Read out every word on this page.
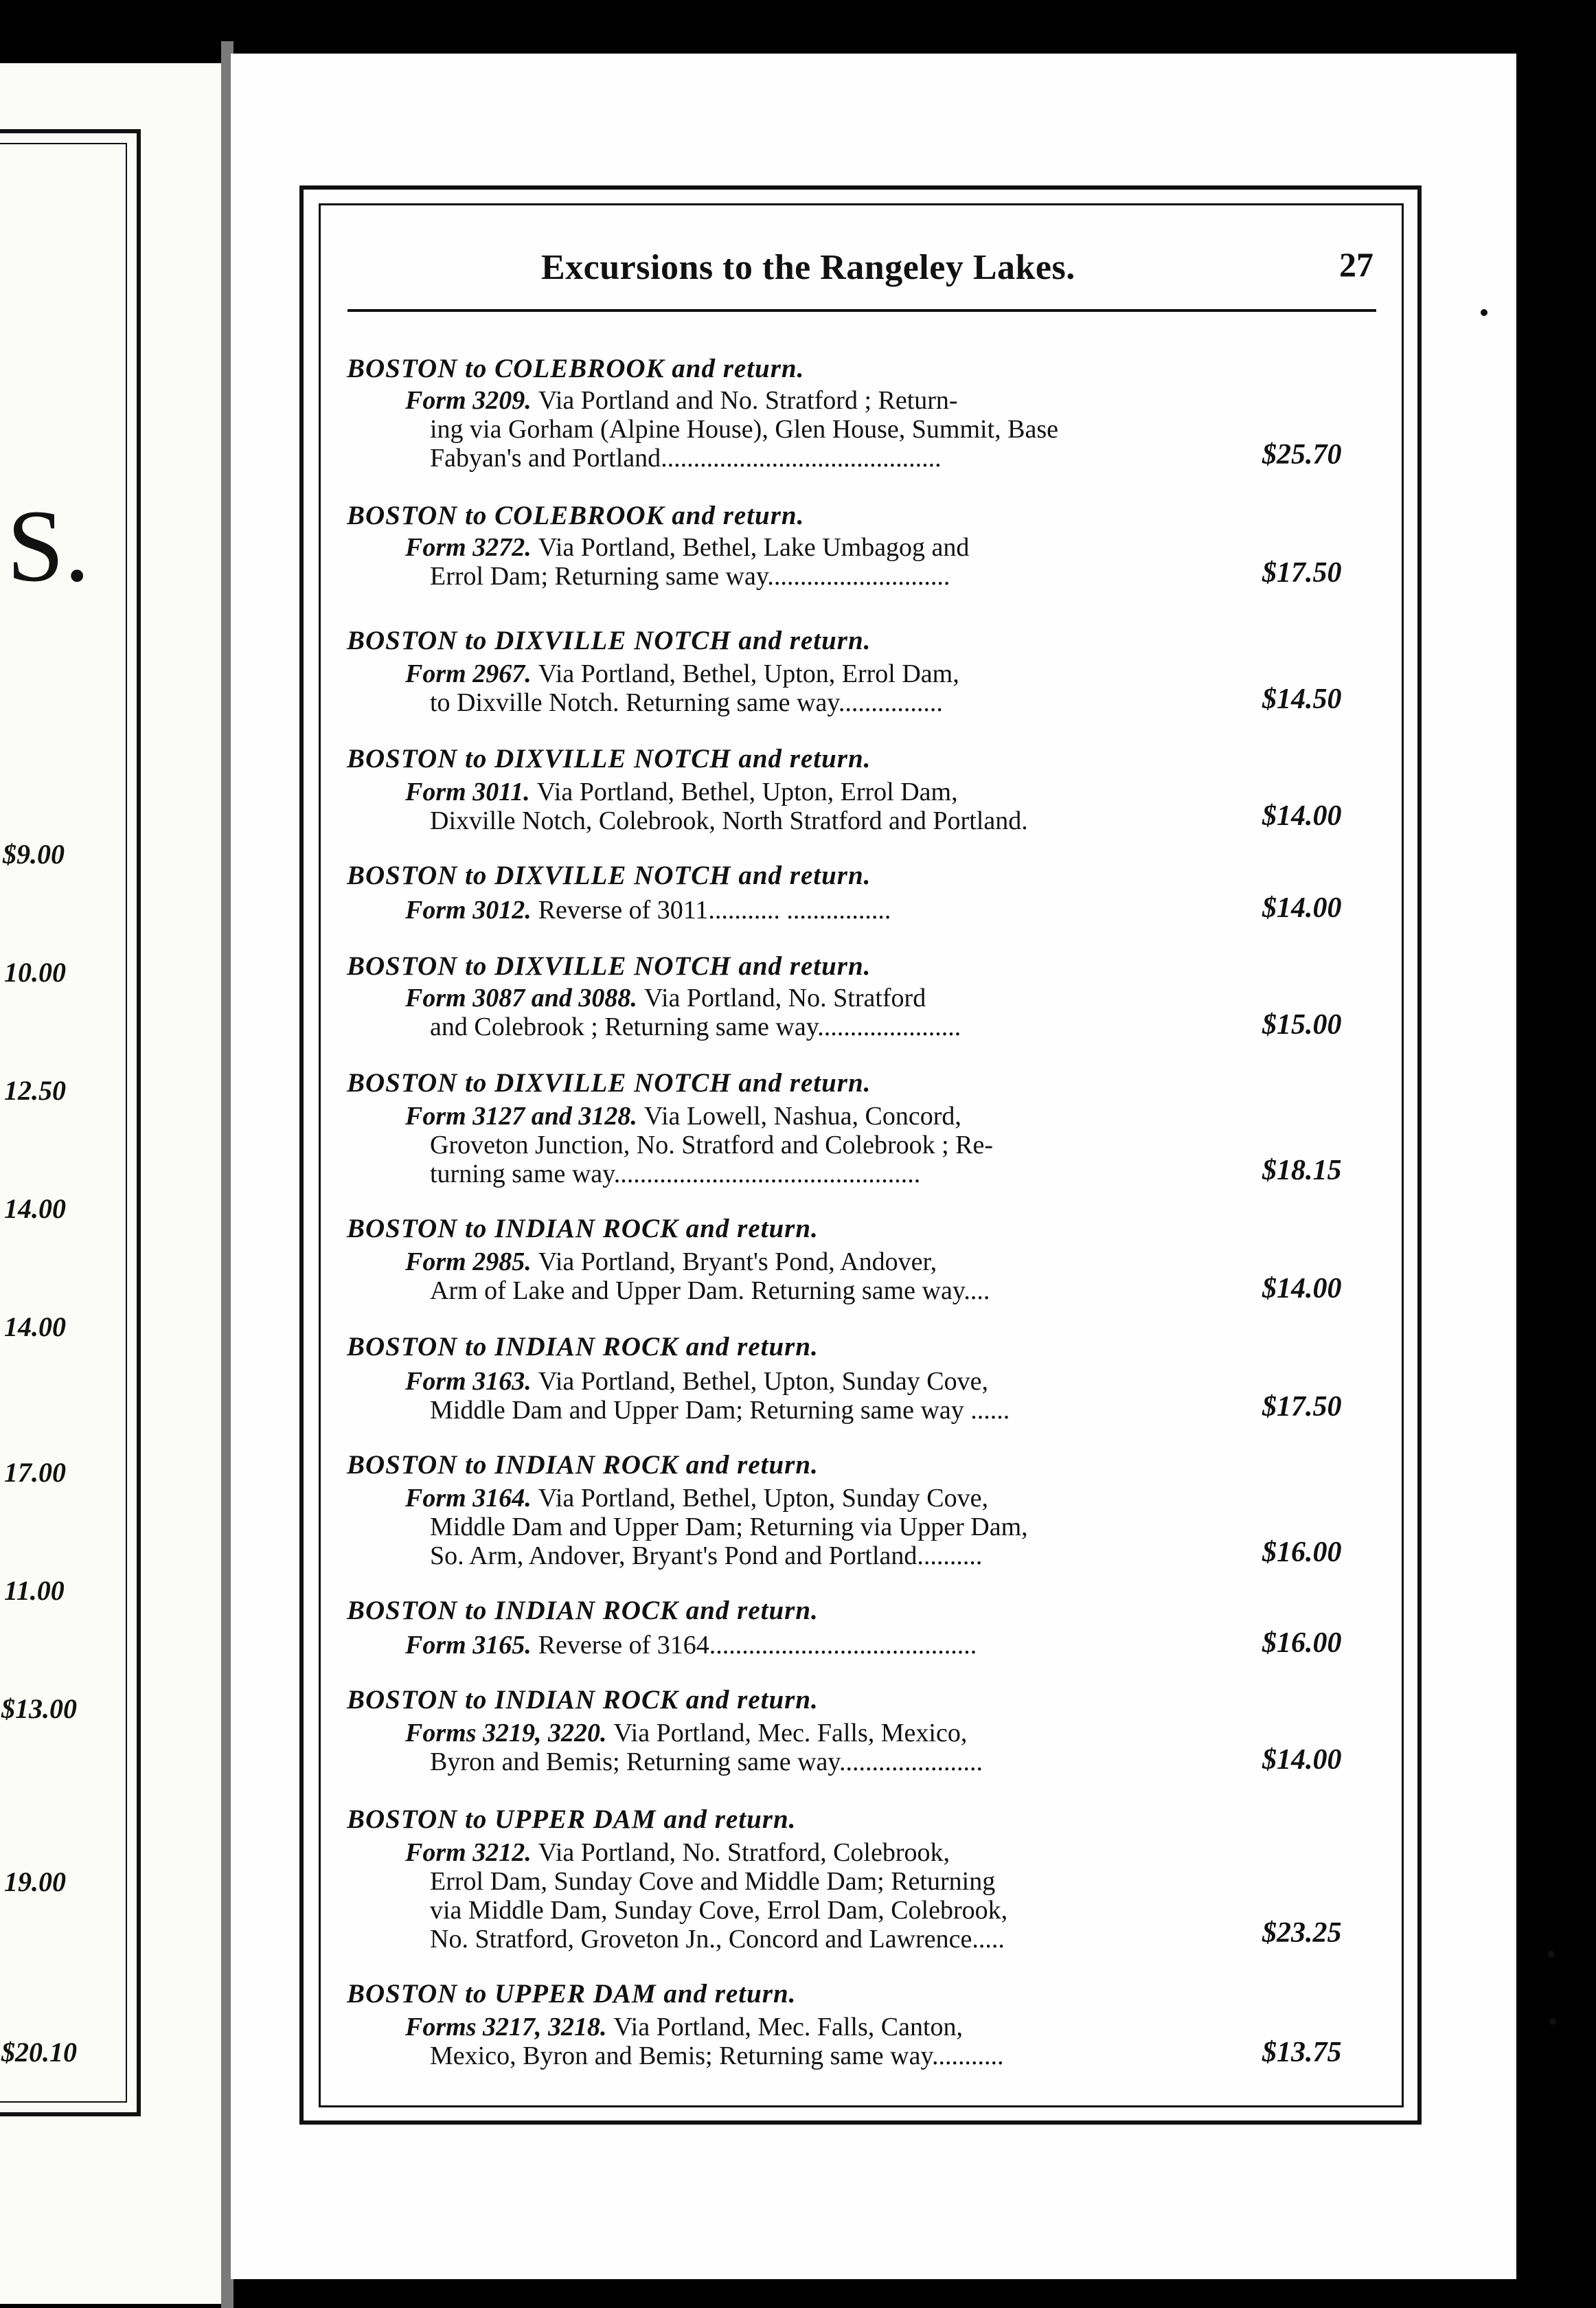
S.
$9.00
10.00
12.50
14.00
14.00
17.00
11.00
$13.00
19.00
$20.10
Excursions to the Rangeley Lakes.	27
BOSTON to COLEBROOK and return.
Form 3209. Via Portland and No. Stratford ; Return-
ing via Gorham (Alpine House), Glen House, Summit, Base
Fabyan's and Portland...........................................	$25.70
BOSTON to COLEBROOK and return.
Form 3272. Via Portland, Bethel, Lake Umbagog and
Errol Dam; Returning same way............................	$17.50
BOSTON to DIXVILLE NOTCH and return.
Form 2967. Via Portland, Bethel, Upton, Errol Dam,
to Dixville Notch. Returning same way................	$14.50
BOSTON to DIXVILLE NOTCH and return.
Form 3011. Via Portland, Bethel, Upton, Errol Dam,
Dixville Notch, Colebrook, North Stratford and Portland.	$14.00
BOSTON to DIXVILLE NOTCH and return.
Form 3012. Reverse of 3011........... ................	$14.00
BOSTON to DIXVILLE NOTCH and return.
Form 3087 and 3088. Via Portland, No. Stratford
and Colebrook ; Returning same way......................	$15.00
BOSTON to DIXVILLE NOTCH and return.
Form 3127 and 3128. Via Lowell, Nashua, Concord,
Groveton Junction, No. Stratford and Colebrook ; Re-
turning same way...............................................	$18.15
BOSTON to INDIAN ROCK and return.
Form 2985. Via Portland, Bryant's Pond, Andover,
Arm of Lake and Upper Dam. Returning same way....	$14.00
BOSTON to INDIAN ROCK and return.
Form 3163. Via Portland, Bethel, Upton, Sunday Cove,
Middle Dam and Upper Dam; Returning same way ......	$17.50
BOSTON to INDIAN ROCK and return.
Form 3164. Via Portland, Bethel, Upton, Sunday Cove,
Middle Dam and Upper Dam; Returning via Upper Dam,
So. Arm, Andover, Bryant's Pond and Portland..........	$16.00
BOSTON to INDIAN ROCK and return.
Form 3165. Reverse of 3164.........................................	$16.00
BOSTON to INDIAN ROCK and return.
Forms 3219, 3220. Via Portland, Mec. Falls, Mexico,
Byron and Bemis; Returning same way......................	$14.00
BOSTON to UPPER DAM and return.
Form 3212. Via Portland, No. Stratford, Colebrook,
Errol Dam, Sunday Cove and Middle Dam; Returning
via Middle Dam, Sunday Cove, Errol Dam, Colebrook,
No. Stratford, Groveton Jn., Concord and Lawrence.....	$23.25
BOSTON to UPPER DAM and return.
Forms 3217, 3218. Via Portland, Mec. Falls, Canton,
Mexico, Byron and Bemis; Returning same way...........	$13.75
